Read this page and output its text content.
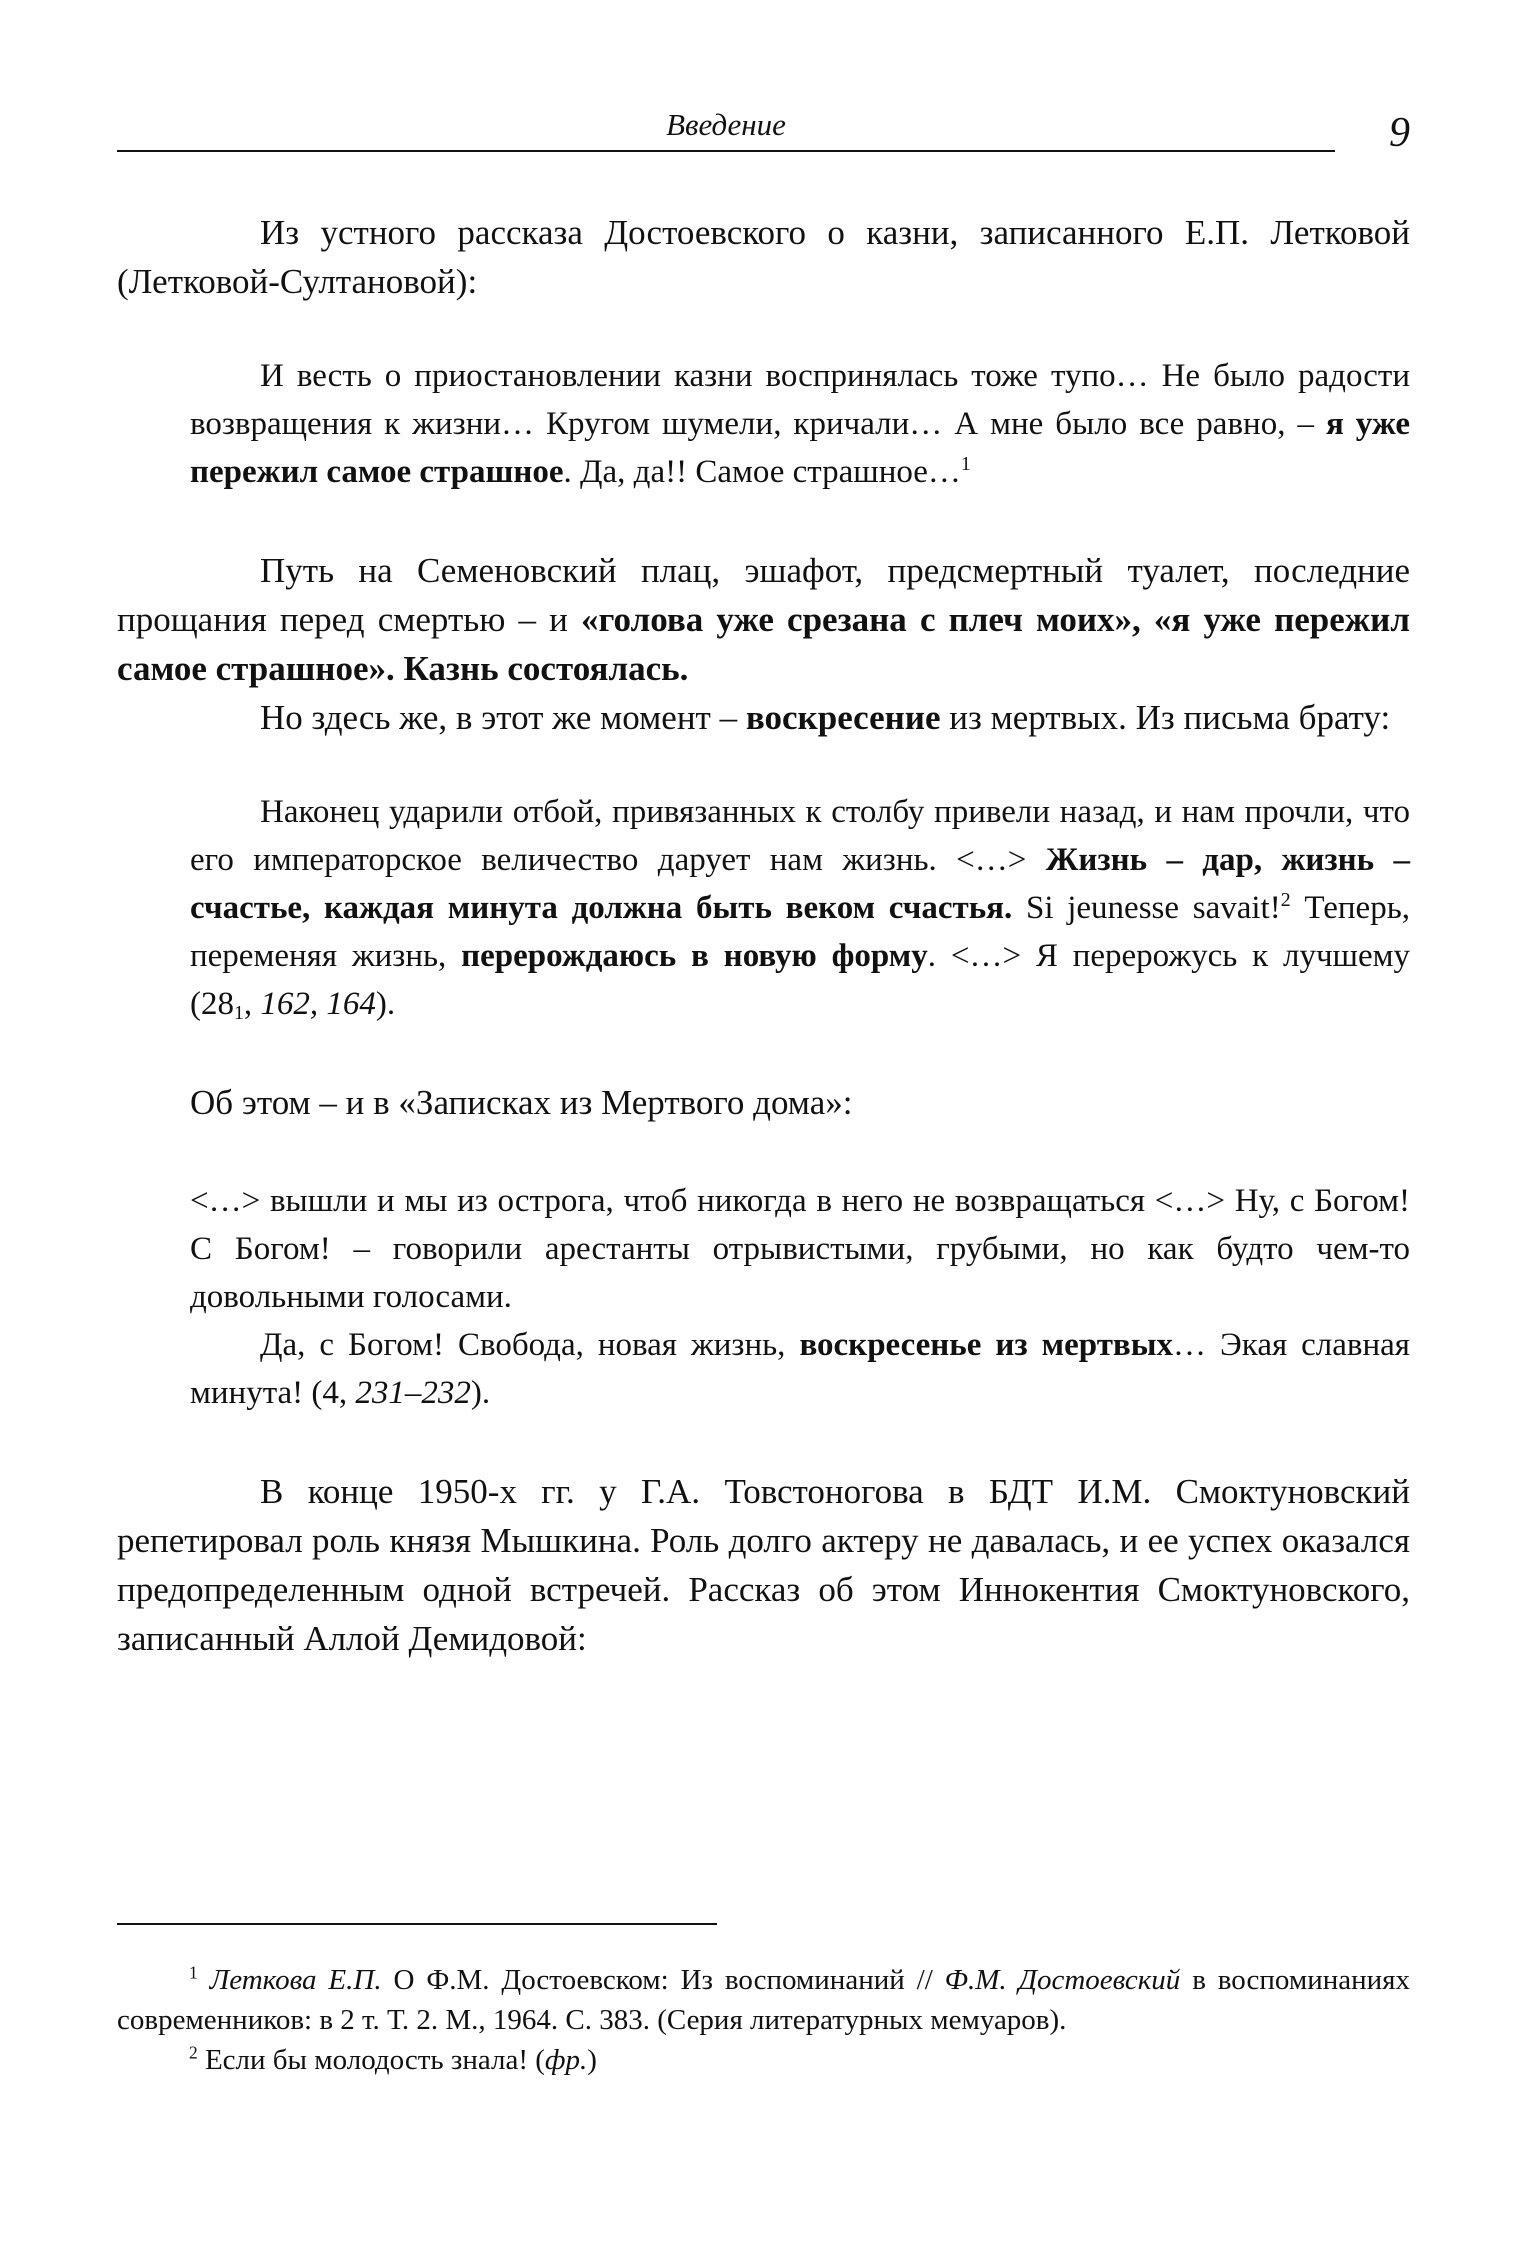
Введение	9

Из устного рассказа Достоевского о казни, записанного Е.П. Летковой (Летковой-Султановой):

И весть о приостановлении казни воспринялась тоже тупо… Не было радости возвращения к жизни… Кругом шумели, кричали… А мне было все равно, – я уже пережил самое страшное. Да, да!! Самое страшное…$^1$

Путь на Семеновский плац, эшафот, предсмертный туалет, последние прощания перед смертью – и «голова уже срезана с плеч моих», «я уже пережил самое страшное». Казнь состоялась.

Но здесь же, в этот же момент – воскресение из мертвых. Из письма брату:

Наконец ударили отбой, привязанных к столбу привели назад, и нам прочли, что его императорское величество дарует нам жизнь. <…> Жизнь – дар, жизнь – счастье, каждая минута должна быть веком счастья. Si jeunesse savait!$^2$ Теперь, переменяя жизнь, перерождаюсь в новую форму. <…> Я перерожусь к лучшему ($28_1$, 162, 164).

Об этом – и в «Записках из Мертвого дома»:

<…> вышли и мы из острога, чтоб никогда в него не возвращаться <…> Ну, с Богом! С Богом! – говорили арестанты отрывистыми, грубыми, но как будто чем-то довольными голосами.

Да, с Богом! Свобода, новая жизнь, воскресенье из мертвых… Экая славная минута! (4, 231–232).

В конце 1950-х гг. у Г.А. Товстоногова в БДТ И.М. Смоктуновский репетировал роль князя Мышкина. Роль долго актеру не давалась, и ее успех оказался предопределенным одной встречей. Рассказ об этом Иннокентия Смоктуновского, записанный Аллой Демидовой:

$^1$ Леткова Е.П. О Ф.М. Достоевском: Из воспоминаний // Ф.М. Достоевский в воспоминаниях современников: в 2 т. Т. 2. М., 1964. С. 383. (Серия литературных мемуаров).

$^2$ Если бы молодость знала! (фр.)
